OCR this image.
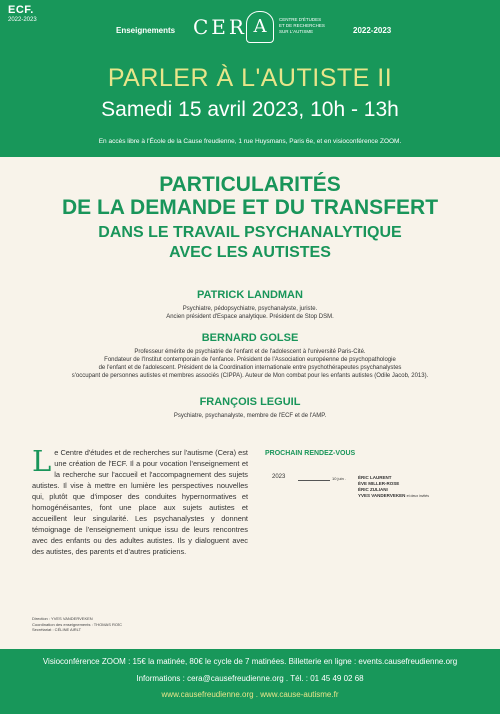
ECF.
2022-2023
Enseignements CER A	CENTRE D'ÉTUDES
ET DE RECHERCHES
SUR L'AUTISME	2022-2023
PARLER À L'AUTISTE II
Samedi 15 avril 2023, 10h - 13h
En accès libre à l'École de la Cause freudienne, 1 rue Huysmans, Paris 6e, et en visioconférence ZOOM.
PARTICULARITÉS
DE LA DEMANDE ET DU TRANSFERT
DANS LE TRAVAIL PSYCHANALYTIQUE
AVEC LES AUTISTES
PATRICK LANDMAN
Psychiatre, pédopsychiatre, psychanalyste, juriste.
Ancien président d'Espace analytique. Président de Stop DSM.
BERNARD GOLSE
Professeur émérite de psychiatrie de l'enfant et de l'adolescent à l'université Paris-Cité.
Fondateur de l'Institut contemporain de l'enfance. Président de l'Association européenne de psychopathologie
de l'enfant et de l'adolescent. Président de la Coordination internationale entre psychothérapeutes psychanalystes
s'occupant de personnes autistes et membres associés (CIPPA). Auteur de Mon combat pour les enfants autistes (Odile Jacob, 2013).
FRANÇOIS LEGUIL
Psychiatre, psychanalyste, membre de l'ECF et de l'AMP.
Le Centre d'études et de recherches sur l'autisme (Cera) est une création de l'ECF. Il a pour vocation l'enseignement et la recherche sur l'accueil et l'accompagnement des sujets autistes. Il vise à mettre en lumière les perspectives nouvelles qui, plutôt que d'imposer des conduites hypernormatives et homogénéisantes, font une place aux sujets autistes et accueillent leur singularité. Les psychanalystes y donnent témoignage de l'enseignement unique issu de leurs rencontres avec des enfants ou des adultes autistes. Ils y dialoguent avec des autistes, des parents et d'autres praticiens.
Direction : YVES VANDERVEKEN
Coordination des enseignements : THOMAS ROÏC
Secrétariat : CÉLINE AIRLT
PROCHAIN RENDEZ-VOUS
2023	10 juin .	ÉRIC LAURENT
ÈVE MILLER-ROSE
ÉRIC ZULIANI
YVES VANDERVEKEN et deux invités
Visioconférence ZOOM : 15€ la matinée, 80€ le cycle de 7 matinées. Billetterie en ligne : events.causefreudienne.org
Informations : cera@causefreudienne.org . Tél. : 01 45 49 02 68
www.causefreudienne.org . www.cause-autisme.fr
